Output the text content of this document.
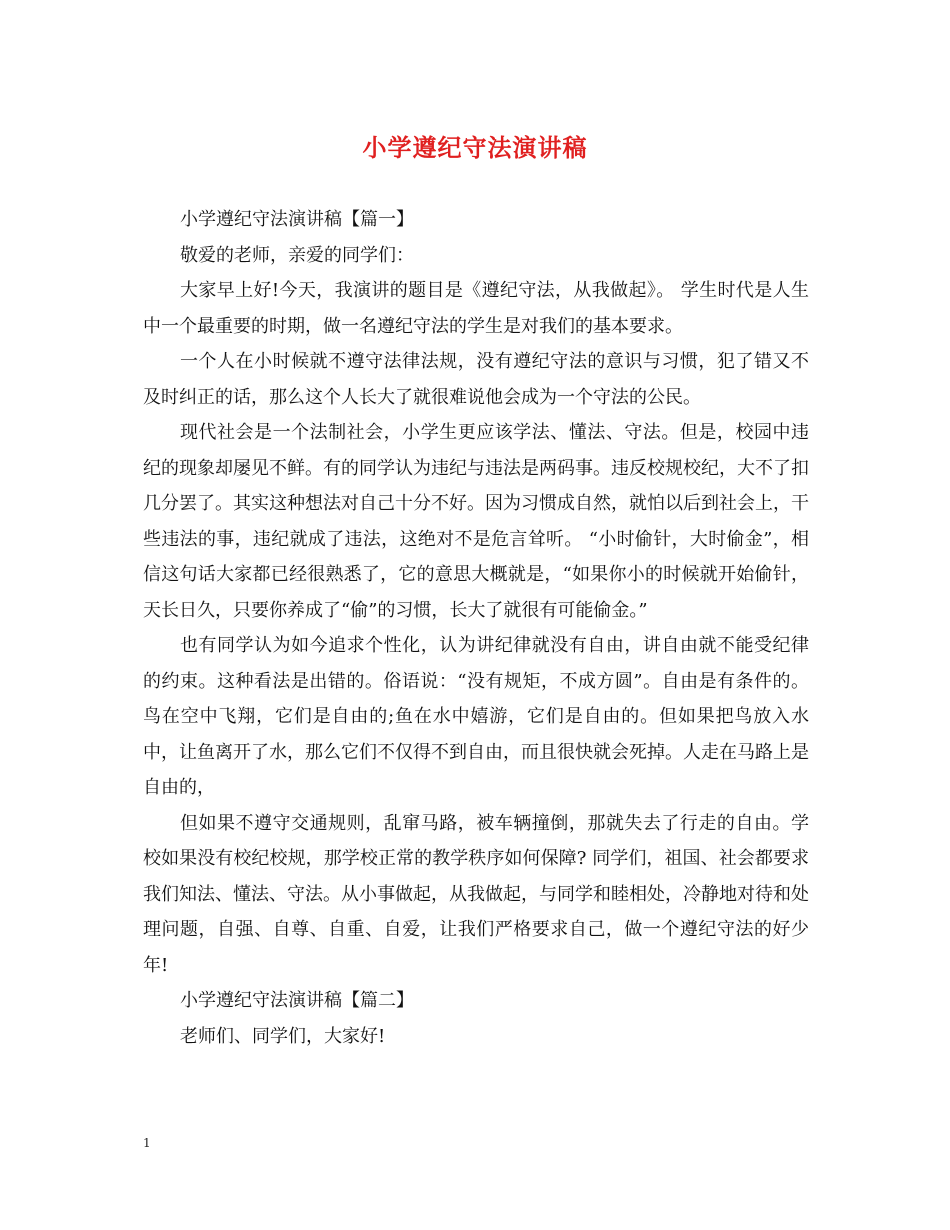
小学遵纪守法演讲稿

小学遵纪守法演讲稿【篇一】

敬爱的老师，亲爱的同学们：

大家早上好!今天，我演讲的题目是《遵纪守法，从我做起》。 学生时代是人生中一个最重要的时期，做一名遵纪守法的学生是对我们的基本要求。

一个人在小时候就不遵守法律法规，没有遵纪守法的意识与习惯，犯了错又不及时纠正的话，那么这个人长大了就很难说他会成为一个守法的公民。

现代社会是一个法制社会，小学生更应该学法、懂法、守法。但是，校园中违纪的现象却屡见不鲜。有的同学认为违纪与违法是两码事。违反校规校纪，大不了扣几分罢了。其实这种想法对自己十分不好。因为习惯成自然，就怕以后到社会上，干些违法的事，违纪就成了违法，这绝对不是危言耸听。 “小时偷针，大时偷金”，相信这句话大家都已经很熟悉了，它的意思大概就是，“如果你小的时候就开始偷针，天长日久，只要你养成了“偷”的习惯，长大了就很有可能偷金。”

也有同学认为如今追求个性化，认为讲纪律就没有自由，讲自由就不能受纪律的约束。这种看法是出错的。俗语说：“没有规矩，不成方圆”。自由是有条件的。鸟在空中飞翔，它们是自由的;鱼在水中嬉游，它们是自由的。但如果把鸟放入水中，让鱼离开了水，那么它们不仅得不到自由，而且很快就会死掉。人走在马路上是自由的，

但如果不遵守交通规则，乱窜马路，被车辆撞倒，那就失去了行走的自由。学校如果没有校纪校规，那学校正常的教学秩序如何保障? 同学们，祖国、社会都要求我们知法、懂法、守法。从小事做起，从我做起，与同学和睦相处，冷静地对待和处理问题，自强、自尊、自重、自爱，让我们严格要求自己，做一个遵纪守法的好少年!

小学遵纪守法演讲稿【篇二】

老师们、同学们，大家好!

1
